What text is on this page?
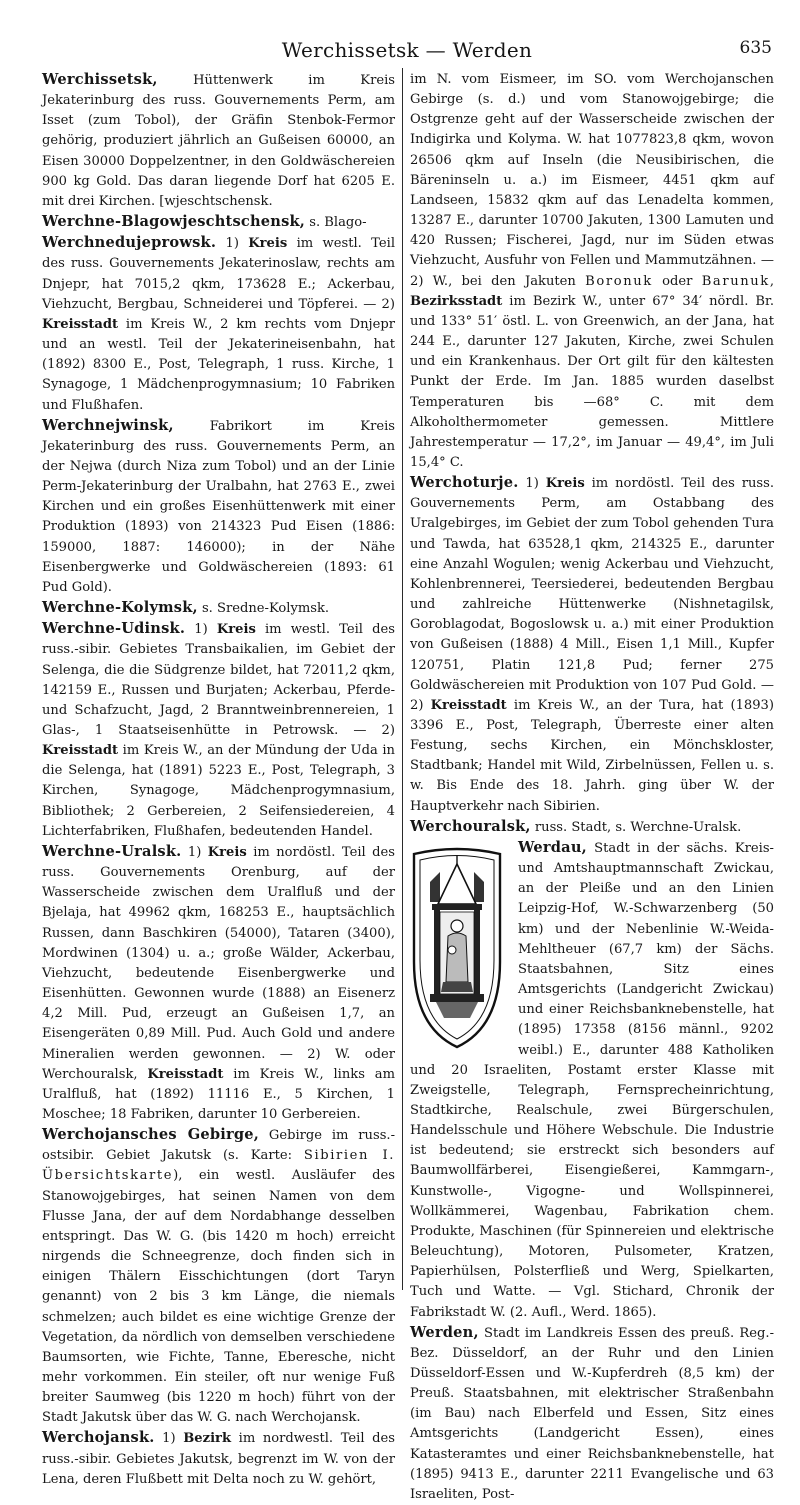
Werchissetsk — Werden	635

Werchissetsk, Hüttenwerk im Kreis Jekaterinburg des russ. Gouvernements Perm, am Isset (zum Tobol), der Gräfin Stenbok-Fermor gehörig, produziert jährlich an Gußeisen 60000, an Eisen 30000 Doppelzentner, in den Goldwäschereien 900 kg Gold. Das daran liegende Dorf hat 6205 E. mit drei Kirchen. [wjeschtschensk.

Werchne-Blagowjeschtschensk, s. Blago-

Werchnedujeprowsk. 1) Kreis im westl. Teil des russ. Gouvernements Jekaterinoslaw, rechts am Dnjepr, hat 7015,2 qkm, 173628 E.; Ackerbau, Viehzucht, Bergbau, Schneiderei und Töpferei. — 2) Kreisstadt im Kreis W., 2 km rechts vom Dnjepr und an westl. Teil der Jekaterineisenbahn, hat (1892) 8300 E., Post, Telegraph, 1 russ. Kirche, 1 Synagoge, 1 Mädchenprogymnasium; 10 Fabriken und Flußhafen.

Werchnejwinsk, Fabrikort im Kreis Jekaterinburg des russ. Gouvernements Perm, an der Nejwa (durch Niza zum Tobol) und an der Linie Perm-Jekaterinburg der Uralbahn, hat 2763 E., zwei Kirchen und ein großes Eisenhüttenwerk mit einer Produktion (1893) von 214323 Pud Eisen (1886: 159000, 1887: 146000); in der Nähe Eisenbergwerke und Goldwäschereien (1893: 61 Pud Gold).

Werchne-Kolymsk, s. Sredne-Kolymsk.

Werchne-Udinsk. 1) Kreis im westl. Teil des russ.-sibir. Gebietes Transbaikalien, im Gebiet der Selenga, die die Südgrenze bildet, hat 72011,2 qkm, 142159 E., Russen und Burjaten; Ackerbau, Pferde- und Schafzucht, Jagd, 2 Branntweinbrennereien, 1 Glas-, 1 Staatseisenhütte in Petrowsk. — 2) Kreisstadt im Kreis W., an der Mündung der Uda in die Selenga, hat (1891) 5223 E., Post, Telegraph, 3 Kirchen, Synagoge, Mädchenprogymnasium, Bibliothek; 2 Gerbereien, 2 Seifensiedereien, 4 Lichterfabriken, Flußhafen, bedeutenden Handel.

Werchne-Uralsk. 1) Kreis im nordöstl. Teil des russ. Gouvernements Orenburg, auf der Wasserscheide zwischen dem Uralfluß und der Bjelaja, hat 49962 qkm, 168253 E., hauptsächlich Russen, dann Baschkiren (54000), Tataren (3400), Mordwinen (1304) u. a.; große Wälder, Ackerbau, Viehzucht, bedeutende Eisenbergwerke und Eisenhütten. Gewonnen wurde (1888) an Eisenerz 4,2 Mill. Pud, erzeugt an Gußeisen 1,7, an Eisengeräten 0,89 Mill. Pud. Auch Gold und andere Mineralien werden gewonnen. — 2) W. oder Werchouralsk, Kreisstadt im Kreis W., links am Uralfluß, hat (1892) 11116 E., 5 Kirchen, 1 Moschee; 18 Fabriken, darunter 10 Gerbereien.

Werchojansches Gebirge, Gebirge im russ.-ostsibir. Gebiet Jakutsk (s. Karte: Sibirien I. Übersichtskarte), ein westl. Ausläufer des Stanowojgebirges, hat seinen Namen von dem Flusse Jana, der auf dem Nordabhange desselben entspringt. Das W. G. (bis 1420 m hoch) erreicht nirgends die Schneegrenze, doch finden sich in einigen Thälern Eisschichtungen (dort Taryn genannt) von 2 bis 3 km Länge, die niemals schmelzen; auch bildet es eine wichtige Grenze der Vegetation, da nördlich von demselben verschiedene Baumsorten, wie Fichte, Tanne, Eberesche, nicht mehr vorkommen. Ein steiler, oft nur wenige Fuß breiter Saumweg (bis 1220 m hoch) führt von der Stadt Jakutsk über das W. G. nach Werchojansk.

Werchojansk. 1) Bezirk im nordwestl. Teil des russ.-sibir. Gebietes Jakutsk, begrenzt im W. von der Lena, deren Flußbett mit Delta noch zu W. gehört,

im N. vom Eismeer, im SO. vom Werchojanschen Gebirge (s. d.) und vom Stanowojgebirge; die Ostgrenze geht auf der Wasserscheide zwischen der Indigirka und Kolyma. W. hat 1077823,8 qkm, wovon 26506 qkm auf Inseln (die Neusibirischen, die Bäreninseln u. a.) im Eismeer, 4451 qkm auf Landseen, 15832 qkm auf das Lenadelta kommen, 13287 E., darunter 10700 Jakuten, 1300 Lamuten und 420 Russen; Fischerei, Jagd, nur im Süden etwas Viehzucht, Ausfuhr von Fellen und Mammutzähnen. — 2) W., bei den Jakuten Boronuk oder Barunuk, Bezirksstadt im Bezirk W., unter 67° 34′ nördl. Br. und 133° 51′ östl. L. von Greenwich, an der Jana, hat 244 E., darunter 127 Jakuten, Kirche, zwei Schulen und ein Krankenhaus. Der Ort gilt für den kältesten Punkt der Erde. Im Jan. 1885 wurden daselbst Temperaturen bis —68° C. mit dem Alkoholthermometer gemessen. Mittlere Jahrestemperatur — 17,2°, im Januar — 49,4°, im Juli 15,4° C.

Werchoturje. 1) Kreis im nordöstl. Teil des russ. Gouvernements Perm, am Ostabbang des Uralgebirges, im Gebiet der zum Tobol gehenden Tura und Tawda, hat 63528,1 qkm, 214325 E., darunter eine Anzahl Wogulen; wenig Ackerbau und Viehzucht, Kohlenbrennerei, Teersiederei, bedeutenden Bergbau und zahlreiche Hüttenwerke (Nishnetagilsk, Goroblagodat, Bogoslowsk u. a.) mit einer Produktion von Gußeisen (1888) 4 Mill., Eisen 1,1 Mill., Kupfer 120751, Platin 121,8 Pud; ferner 275 Goldwäschereien mit Produktion von 107 Pud Gold. — 2) Kreisstadt im Kreis W., an der Tura, hat (1893) 3396 E., Post, Telegraph, Überreste einer alten Festung, sechs Kirchen, ein Mönchskloster, Stadtbank; Handel mit Wild, Zirbelnüssen, Fellen u. s. w. Bis Ende des 18. Jahrh. ging über W. der Hauptverkehr nach Sibirien.

Werchouralsk, russ. Stadt, s. Werchne-Uralsk.

Werdau,
Stadt in der sächs. Kreis- und Amtshauptmannschaft Zwickau, an der Pleiße und an den Linien Leipzig-Hof, W.-Schwarzenberg (50 km) und der Nebenlinie W.-Weida-Mehltheuer (67,7 km) der Sächs. Staatsbahnen, Sitz eines Amtsgerichts (Landgericht Zwickau) und einer Reichsbanknebenstelle, hat (1895) 17358 (8156 männl., 9202 weibl.) E., darunter 488 Katholiken und 20 Israeliten, Postamt erster Klasse mit Zweigstelle, Telegraph, Fernsprecheinrichtung, Stadtkirche, Realschule, zwei Bürgerschulen, Handelsschule und Höhere Webschule. Die Industrie ist bedeutend; sie erstreckt sich besonders auf Baumwollfärberei, Eisengießerei, Kammgarn-, Kunstwolle-, Vigogne- und Wollspinnerei, Wollkämmerei, Wagenbau, Fabrikation chem. Produkte, Maschinen (für Spinnereien und elektrische Beleuchtung), Motoren, Pulsometer, Kratzen, Papierhülsen, Polsterfließ und Werg, Spielkarten, Tuch und Watte. — Vgl. Stichard, Chronik der Fabrikstadt W. (2. Aufl., Werd. 1865).

Werden, Stadt im Landkreis Essen des preuß. Reg.-Bez. Düsseldorf, an der Ruhr und den Linien Düsseldorf-Essen und W.-Kupferdreh (8,5 km) der Preuß. Staatsbahnen, mit elektrischer Straßenbahn (im Bau) nach Elberfeld und Essen, Sitz eines Amtsgerichts (Landgericht Essen), eines Katasteramtes und einer Reichsbanknebenstelle, hat (1895) 9413 E., darunter 2211 Evangelische und 63 Israeliten, Post-
